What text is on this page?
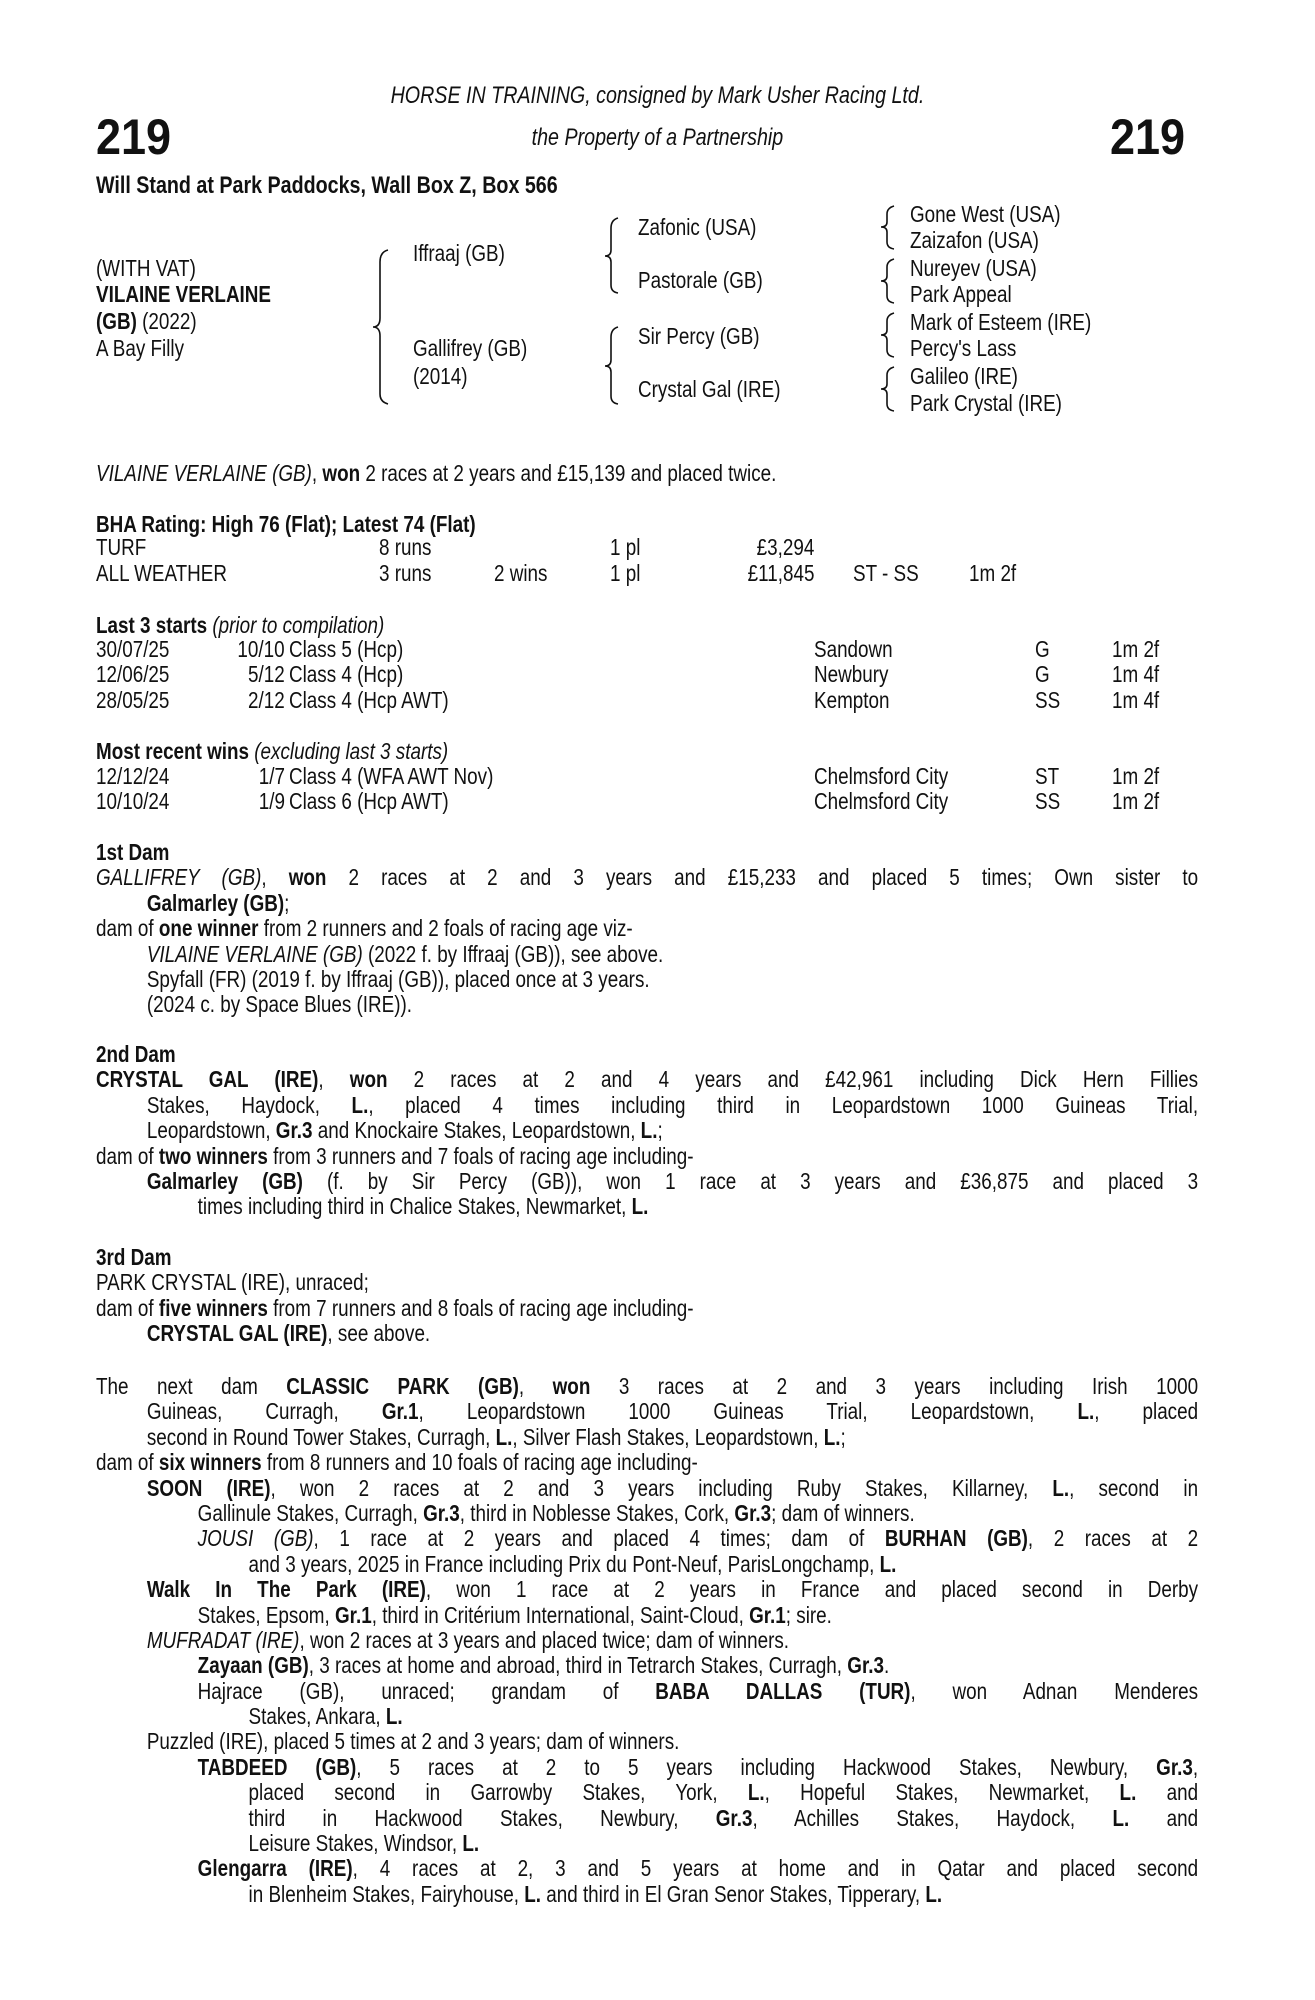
HORSE IN TRAINING, consigned by Mark Usher Racing Ltd.
the Property of a Partnership
219	219
Will Stand at Park Paddocks, Wall Box Z, Box 566
(WITH VAT)
VILAINE VERLAINE
(GB) (2022)
A Bay Filly
Iffraaj (GB)
Gallifrey (GB)
(2014)
Zafonic (USA)
Pastorale (GB)
Sir Percy (GB)
Crystal Gal (IRE)
Gone West (USA)
Zaizafon (USA)
Nureyev (USA)
Park Appeal
Mark of Esteem (IRE)
Percy's Lass
Galileo (IRE)
Park Crystal (IRE)
VILAINE VERLAINE (GB), won 2 races at 2 years and £15,139 and placed twice.
BHA Rating: High 76 (Flat); Latest 74 (Flat)
TURF	8 runs	1 pl	£3,294
ALL WEATHER	3 runs	2 wins	1 pl	£11,845 ST - SS 1m 2f
Last 3 starts (prior to compilation)
30/07/25	10/10 Class 5 (Hcp)	Sandown	G	1m 2f
12/06/25	5/12 Class 4 (Hcp)	Newbury	G	1m 4f
28/05/25	2/12 Class 4 (Hcp AWT)	Kempton	SS 1m 4f
Most recent wins (excluding last 3 starts)
12/12/24	1/7 Class 4 (WFA AWT Nov)	Chelmsford City	ST 1m 2f
10/10/24	1/9 Class 6 (Hcp AWT)	Chelmsford City	SS 1m 2f
1st Dam
GALLIFREY (GB), won 2 races at 2 and 3 years and £15,233 and placed 5 times; Own sister to
Galmarley (GB);
dam of one winner from 2 runners and 2 foals of racing age viz-
VILAINE VERLAINE (GB) (2022 f. by Iffraaj (GB)), see above.
Spyfall (FR) (2019 f. by Iffraaj (GB)), placed once at 3 years.
(2024 c. by Space Blues (IRE)).
2nd Dam
CRYSTAL GAL (IRE), won 2 races at 2 and 4 years and £42,961 including Dick Hern Fillies
Stakes, Haydock, L., placed 4 times including third in Leopardstown 1000 Guineas Trial,
Leopardstown, Gr.3 and Knockaire Stakes, Leopardstown, L.;
dam of two winners from 3 runners and 7 foals of racing age including-
Galmarley (GB) (f. by Sir Percy (GB)), won 1 race at 3 years and £36,875 and placed 3
times including third in Chalice Stakes, Newmarket, L.
3rd Dam
PARK CRYSTAL (IRE), unraced;
dam of five winners from 7 runners and 8 foals of racing age including-
CRYSTAL GAL (IRE), see above.
The next dam CLASSIC PARK (GB), won 3 races at 2 and 3 years including Irish 1000
Guineas, Curragh, Gr.1, Leopardstown 1000 Guineas Trial, Leopardstown, L., placed
second in Round Tower Stakes, Curragh, L., Silver Flash Stakes, Leopardstown, L.;
dam of six winners from 8 runners and 10 foals of racing age including-
SOON (IRE), won 2 races at 2 and 3 years including Ruby Stakes, Killarney, L., second in
Gallinule Stakes, Curragh, Gr.3, third in Noblesse Stakes, Cork, Gr.3; dam of winners.
JOUSI (GB), 1 race at 2 years and placed 4 times; dam of BURHAN (GB), 2 races at 2
and 3 years, 2025 in France including Prix du Pont-Neuf, ParisLongchamp, L.
Walk In The Park (IRE), won 1 race at 2 years in France and placed second in Derby
Stakes, Epsom, Gr.1, third in Critérium International, Saint-Cloud, Gr.1; sire.
MUFRADAT (IRE), won 2 races at 3 years and placed twice; dam of winners.
Zayaan (GB), 3 races at home and abroad, third in Tetrarch Stakes, Curragh, Gr.3.
Hajrace (GB), unraced; grandam of BABA DALLAS (TUR), won Adnan Menderes
Stakes, Ankara, L.
Puzzled (IRE), placed 5 times at 2 and 3 years; dam of winners.
TABDEED (GB), 5 races at 2 to 5 years including Hackwood Stakes, Newbury, Gr.3,
placed second in Garrowby Stakes, York, L., Hopeful Stakes, Newmarket, L. and
third in Hackwood Stakes, Newbury, Gr.3, Achilles Stakes, Haydock, L. and
Leisure Stakes, Windsor, L.
Glengarra (IRE), 4 races at 2, 3 and 5 years at home and in Qatar and placed second
in Blenheim Stakes, Fairyhouse, L. and third in El Gran Senor Stakes, Tipperary, L.
